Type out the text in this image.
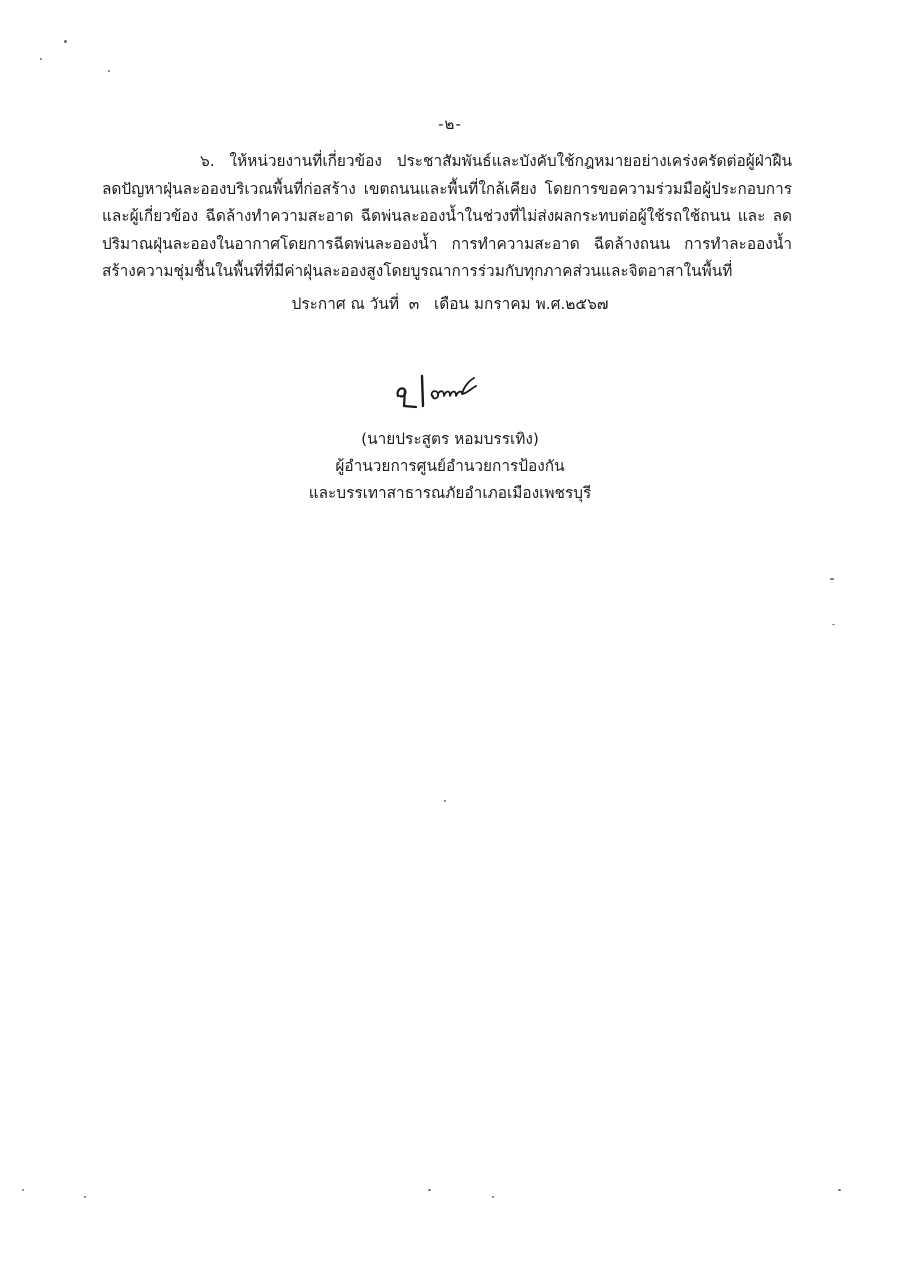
-๒-

๖. ให้หน่วยงานที่เกี่ยวข้อง ประชาสัมพันธ์และบังคับใช้กฎหมายอย่างเคร่งครัดต่อผู้ฝ่าฝืน ลดปัญหาฝุ่นละอองบริเวณพื้นที่ก่อสร้าง เขตถนนและพื้นที่ใกล้เคียง โดยการขอความร่วมมือผู้ประกอบการ และผู้เกี่ยวข้อง ฉีดล้างทำความสะอาด ฉีดพ่นละอองน้ำในช่วงที่ไม่ส่งผลกระทบต่อผู้ใช้รถใช้ถนน และ ลดปริมาณฝุ่นละอองในอากาศโดยการฉีดพ่นละอองน้ำ การทำความสะอาด ฉีดล้างถนน การทำละอองน้ำ สร้างความชุ่มชื้นในพื้นที่ที่มีค่าฝุ่นละอองสูงโดยบูรณาการร่วมกับทุกภาคส่วนและจิตอาสาในพื้นที่

ประกาศ ณ วันที่  ๓   เดือน มกราคม พ.ศ.๒๕๖๗
(นายประสูตร หอมบรรเทิง)
ผู้อำนวยการศูนย์อำนวยการป้องกัน
และบรรเทาสาธารณภัยอำเภอเมืองเพชรบุรี
